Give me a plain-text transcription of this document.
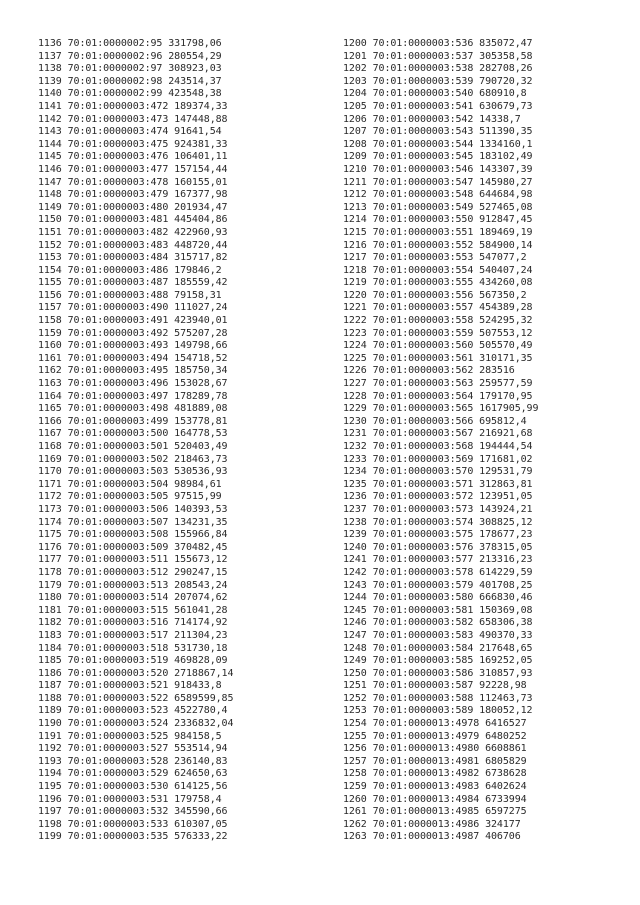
1136 70:01:0000002:95 331798,06
1137 70:01:0000002:96 280554,29
1138 70:01:0000002:97 308923,03
1139 70:01:0000002:98 243514,37
1140 70:01:0000002:99 423548,38
1141 70:01:0000003:472 189374,33
1142 70:01:0000003:473 147448,88
1143 70:01:0000003:474 91641,54
1144 70:01:0000003:475 924381,33
1145 70:01:0000003:476 106401,11
1146 70:01:0000003:477 157154,44
1147 70:01:0000003:478 160155,01
1148 70:01:0000003:479 167377,98
1149 70:01:0000003:480 201934,47
1150 70:01:0000003:481 445404,86
1151 70:01:0000003:482 422960,93
1152 70:01:0000003:483 448720,44
1153 70:01:0000003:484 315717,82
1154 70:01:0000003:486 179846,2
1155 70:01:0000003:487 185559,42
1156 70:01:0000003:488 79158,31
1157 70:01:0000003:490 111027,24
1158 70:01:0000003:491 423940,01
1159 70:01:0000003:492 575207,28
1160 70:01:0000003:493 149798,66
1161 70:01:0000003:494 154718,52
1162 70:01:0000003:495 185750,34
1163 70:01:0000003:496 153028,67
1164 70:01:0000003:497 178289,78
1165 70:01:0000003:498 481889,08
1166 70:01:0000003:499 153778,81
1167 70:01:0000003:500 164778,53
1168 70:01:0000003:501 520403,49
1169 70:01:0000003:502 218463,73
1170 70:01:0000003:503 530536,93
1171 70:01:0000003:504 98984,61
1172 70:01:0000003:505 97515,99
1173 70:01:0000003:506 140393,53
1174 70:01:0000003:507 134231,35
1175 70:01:0000003:508 155966,84
1176 70:01:0000003:509 370482,45
1177 70:01:0000003:511 155673,12
1178 70:01:0000003:512 290247,15
1179 70:01:0000003:513 208543,24
1180 70:01:0000003:514 207074,62
1181 70:01:0000003:515 561041,28
1182 70:01:0000003:516 714174,92
1183 70:01:0000003:517 211304,23
1184 70:01:0000003:518 531730,18
1185 70:01:0000003:519 469828,09
1186 70:01:0000003:520 2718867,14
1187 70:01:0000003:521 918433,8
1188 70:01:0000003:522 6589599,85
1189 70:01:0000003:523 4522780,4
1190 70:01:0000003:524 2336832,04
1191 70:01:0000003:525 984158,5
1192 70:01:0000003:527 553514,94
1193 70:01:0000003:528 236140,83
1194 70:01:0000003:529 624650,63
1195 70:01:0000003:530 614125,56
1196 70:01:0000003:531 179758,4
1197 70:01:0000003:532 345590,66
1198 70:01:0000003:533 610307,05
1199 70:01:0000003:535 576333,22
1200 70:01:0000003:536 835072,47
1201 70:01:0000003:537 305358,58
1202 70:01:0000003:538 282708,26
1203 70:01:0000003:539 790720,32
1204 70:01:0000003:540 680910,8
1205 70:01:0000003:541 630679,73
1206 70:01:0000003:542 14338,7
1207 70:01:0000003:543 511390,35
1208 70:01:0000003:544 1334160,1
1209 70:01:0000003:545 183102,49
1210 70:01:0000003:546 143307,39
1211 70:01:0000003:547 145980,27
1212 70:01:0000003:548 644684,98
1213 70:01:0000003:549 527465,08
1214 70:01:0000003:550 912847,45
1215 70:01:0000003:551 189469,19
1216 70:01:0000003:552 584900,14
1217 70:01:0000003:553 547077,2
1218 70:01:0000003:554 540407,24
1219 70:01:0000003:555 434260,08
1220 70:01:0000003:556 567350,2
1221 70:01:0000003:557 454389,28
1222 70:01:0000003:558 524295,32
1223 70:01:0000003:559 507553,12
1224 70:01:0000003:560 505570,49
1225 70:01:0000003:561 310171,35
1226 70:01:0000003:562 283516
1227 70:01:0000003:563 259577,59
1228 70:01:0000003:564 179170,95
1229 70:01:0000003:565 1617905,99
1230 70:01:0000003:566 695812,4
1231 70:01:0000003:567 216921,68
1232 70:01:0000003:568 194444,54
1233 70:01:0000003:569 171681,02
1234 70:01:0000003:570 129531,79
1235 70:01:0000003:571 312863,81
1236 70:01:0000003:572 123951,05
1237 70:01:0000003:573 143924,21
1238 70:01:0000003:574 308825,12
1239 70:01:0000003:575 178677,23
1240 70:01:0000003:576 378315,05
1241 70:01:0000003:577 213316,23
1242 70:01:0000003:578 614229,59
1243 70:01:0000003:579 401708,25
1244 70:01:0000003:580 666830,46
1245 70:01:0000003:581 150369,08
1246 70:01:0000003:582 658306,38
1247 70:01:0000003:583 490370,33
1248 70:01:0000003:584 217648,65
1249 70:01:0000003:585 169252,05
1250 70:01:0000003:586 310857,93
1251 70:01:0000003:587 92228,98
1252 70:01:0000003:588 112463,73
1253 70:01:0000003:589 180052,12
1254 70:01:0000013:4978 6416527
1255 70:01:0000013:4979 6480252
1256 70:01:0000013:4980 6608861
1257 70:01:0000013:4981 6805829
1258 70:01:0000013:4982 6738628
1259 70:01:0000013:4983 6402624
1260 70:01:0000013:4984 6733994
1261 70:01:0000013:4985 6597275
1262 70:01:0000013:4986 324177
1263 70:01:0000013:4987 406706
